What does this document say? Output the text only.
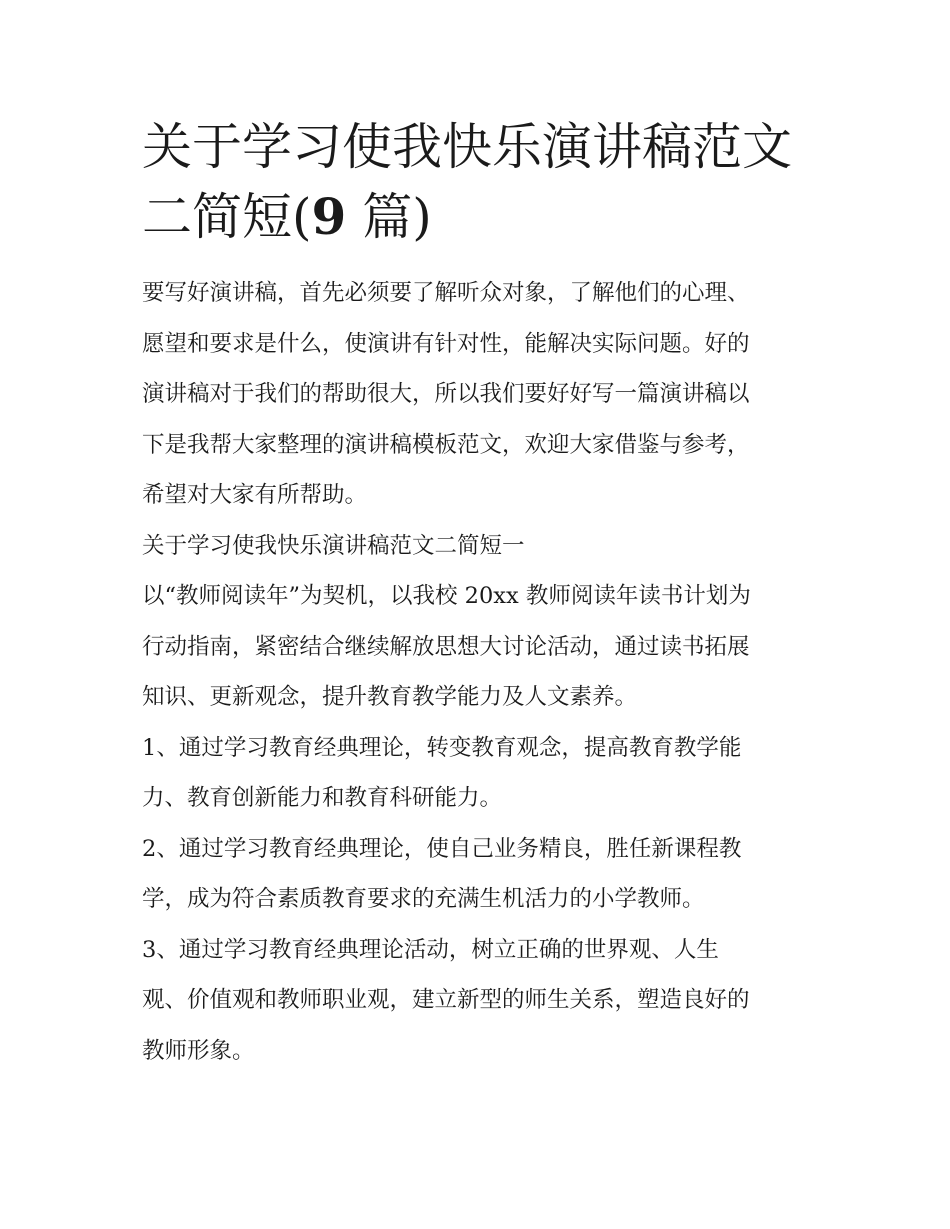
关于学习使我快乐演讲稿范文
二简短(9 篇)

要写好演讲稿，首先必须要了解听众对象，了解他们的心理、
愿望和要求是什么，使演讲有针对性，能解决实际问题。好的
演讲稿对于我们的帮助很大，所以我们要好好写一篇演讲稿以
下是我帮大家整理的演讲稿模板范文，欢迎大家借鉴与参考，
希望对大家有所帮助。

关于学习使我快乐演讲稿范文二简短一

以“教师阅读年”为契机，以我校 20xx 教师阅读年读书计划为
行动指南，紧密结合继续解放思想大讨论活动，通过读书拓展
知识、更新观念，提升教育教学能力及人文素养。

1、通过学习教育经典理论，转变教育观念，提高教育教学能
力、教育创新能力和教育科研能力。

2、通过学习教育经典理论，使自己业务精良，胜任新课程教
学，成为符合素质教育要求的充满生机活力的小学教师。

3、通过学习教育经典理论活动，树立正确的世界观、人生
观、价值观和教师职业观，建立新型的师生关系，塑造良好的
教师形象。
